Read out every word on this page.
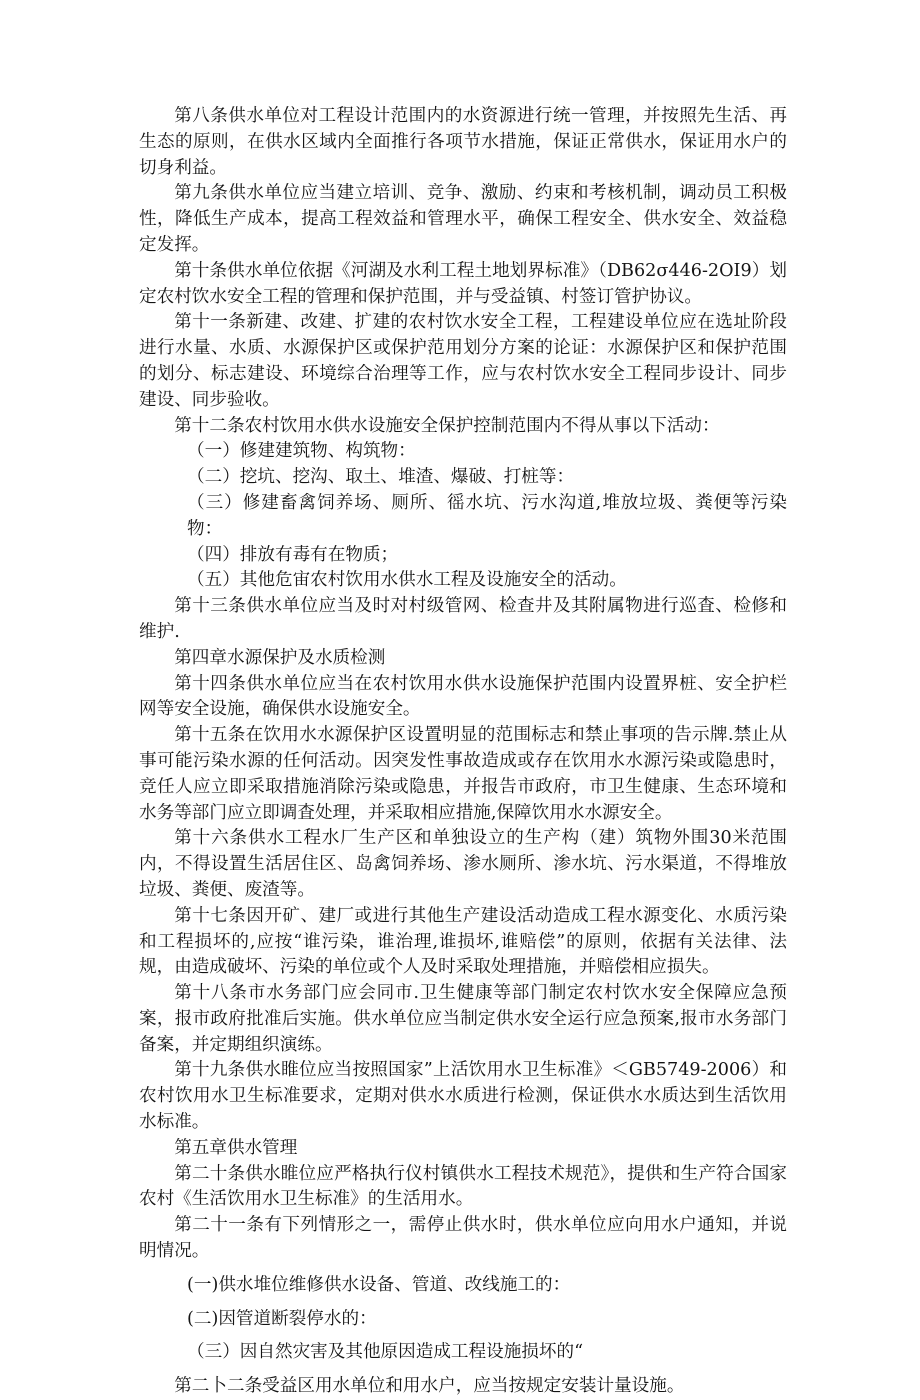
第八条供水单位对工程设计范围内的水资源进行统一管理，并按照先生活、再生态的原则，在供水区域内全面推行各项节水措施，保证正常供水，保证用水户的切身利益。

第九条供水单位应当建立培训、竞争、激励、约束和考核机制，调动员工积极性，降低生产成本，提高工程效益和管理水平，确保工程安全、供水安全、效益稳定发挥。

第十条供水单位依据《河湖及水利工程土地划界标准》（DB62σ446-2OI9）划定农村饮水安全工程的管理和保护范围，并与受益镇、村签订管护协议。

第十一条新建、改建、扩建的农村饮水安全工程，工程建设单位应在选址阶段进行水量、水质、水源保护区或保护范用划分方案的论证：水源保护区和保护范围的划分、标志建设、环境综合治理等工作，应与农村饮水安全工程同步设计、同步建设、同步验收。

第十二条农村饮用水供水设施安全保护控制范围内不得从事以下活动：

（一）修建建筑物、构筑物：

（二）挖坑、挖沟、取土、堆渣、爆破、打桩等：

（三）修建畜禽饲养场、厕所、徭水坑、污水沟道,堆放垃圾、粪便等污染物：

（四）排放有毒有在物质；

（五）其他危宙农村饮用水供水工程及设施安全的活动。

第十三条供水单位应当及时对村级管网、检查井及其附属物进行巡査、检修和维护.

第四章水源保护及水质检测

第十四条供水单位应当在农村饮用水供水设施保护范围内设置界桩、安全护栏网等安全设施，确保供水设施安全。

第十五条在饮用水水源保护区设置明显的范围标志和禁止事项的告示牌.禁止从事可能污染水源的任何活动。因突发性事故造成或存在饮用水水源污染或隐患时，竞任人应立即采取措施消除污染或隐患，并报告市政府，市卫生健康、生态环境和水务等部门应立即调査处理，并采取相应措施,保障饮用水水源安全。

第十六条供水工程水厂生产区和单独设立的生产构（建）筑物外围30米范围内，不得设置生活居住区、岛禽饲养场、渗水厕所、渗水坑、污水渠道，不得堆放垃圾、粪便、废渣等。

第十七条因开矿、建厂或进行其他生产建设活动造成工程水源变化、水质污染和工程损坏的,应按“谁污染，谁治理,谁损坏,谁赔偿”的原则，依据有关法律、法规，由造成破坏、污染的单位或个人及时采取处理措施，并赔偿相应损失。

第十八条市水务部门应会同市.卫生健康等部门制定农村饮水安全保障应急预案，报市政府批准后实施。供水单位应当制定供水安全运行应急预案,报市水务部门备案，并定期组织演练。

第十九条供水睢位应当按照国家”上活饮用水卫生标准》＜GB5749-2006）和农村饮用水卫生标准要求，定期对供水水质进行检测，保证供水水质达到生活饮用水标准。

第五章供水管理

第二十条供水睢位应严格执行仪村镇供水工程技术规范》，提供和生产符合国家农村《生活饮用水卫生标准》的生活用水。

第二十一条有下列情形之一，需停止供水时，供水单位应向用水户通知，并说明情况。

(一)供水堆位维修供水设备、管道、改线施工的：

(二)因管道断裂停水的：

（三）因自然灾害及其他原因造成工程设施损坏的“

第二卜二条受益区用水单位和用水户，应当按规定安装计量设施。
